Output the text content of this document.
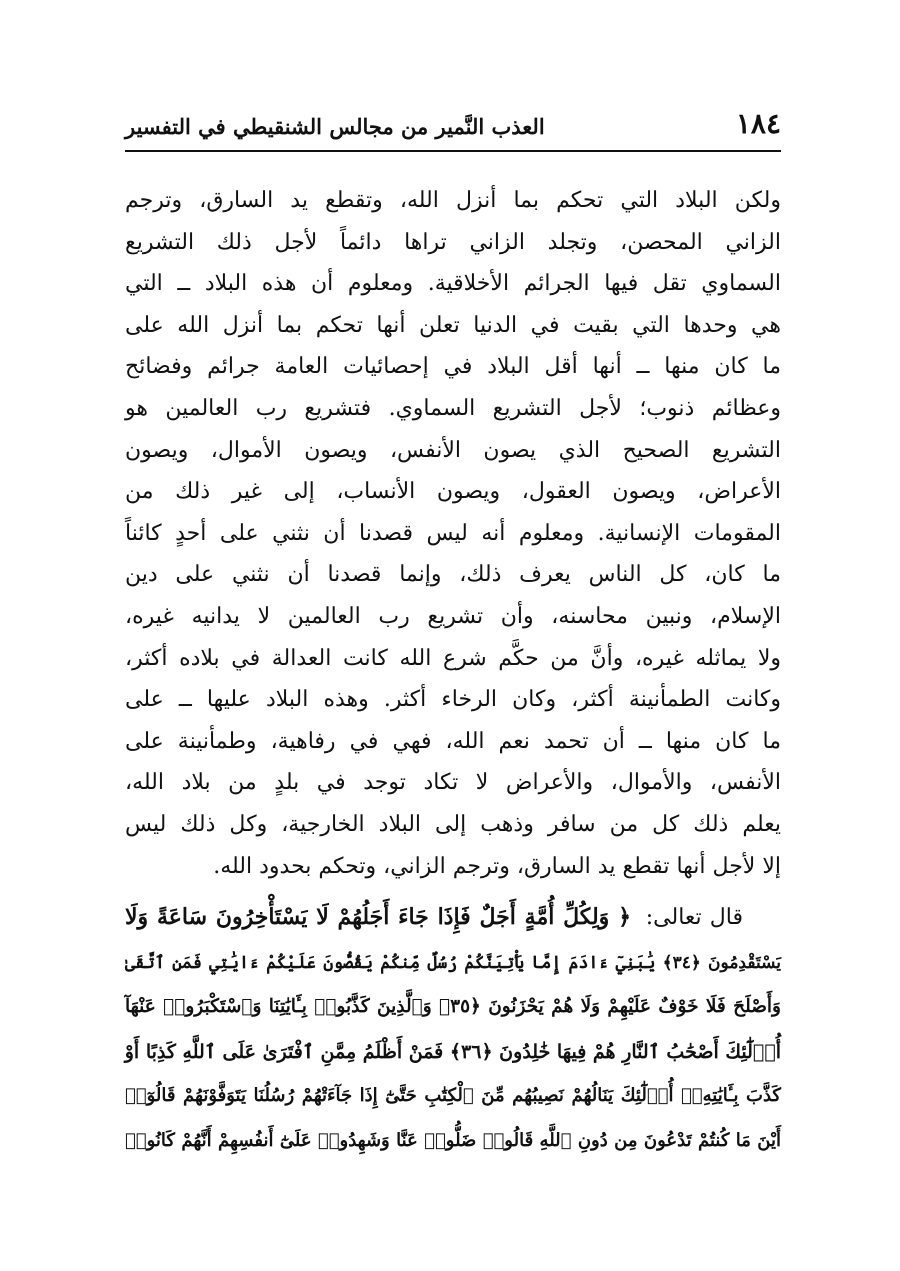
١٨٤
العذب النَّمير من مجالس الشنقيطي في التفسير
ولكن البلاد التي تحكم بما أنزل الله، وتقطع يد السارق، وترجم
الزاني المحصن، وتجلد الزاني تراها دائماً لأجل ذلك التشريع
السماوي تقل فيها الجرائم الأخلاقية. ومعلوم أن هذه البلاد ــ التي
هي وحدها التي بقيت في الدنيا تعلن أنها تحكم بما أنزل الله على
ما كان منها ــ أنها أقل البلاد في إحصائيات العامة جرائم وفضائح
وعظائم ذنوب؛ لأجل التشريع السماوي. فتشريع رب العالمين هو
التشريع الصحيح الذي يصون الأنفس، ويصون الأموال، ويصون
الأعراض، ويصون العقول، ويصون الأنساب، إلى غير ذلك من
المقومات الإنسانية. ومعلوم أنه ليس قصدنا أن نثني على أحدٍ كائناً
ما كان، كل الناس يعرف ذلك، وإنما قصدنا أن نثني على دين
الإسلام، ونبين محاسنه، وأن تشريع رب العالمين لا يدانيه غيره،
ولا يماثله غيره، وأنَّ من حكَّم شرع الله كانت العدالة في بلاده أكثر،
وكانت الطمأنينة أكثر، وكان الرخاء أكثر. وهذه البلاد عليها ــ على
ما كان منها ــ أن تحمد نعم الله، فهي في رفاهية، وطمأنينة على
الأنفس، والأموال، والأعراض لا تكاد توجد في بلدٍ من بلاد الله،
يعلم ذلك كل من سافر وذهب إلى البلاد الخارجية، وكل ذلك ليس
إلا لأجل أنها تقطع يد السارق، وترجم الزاني، وتحكم بحدود الله.
قال تعالى: ﴿ وَلِكُلِّ أُمَّةٍ أَجَلٌ فَإِذَا جَاءَ أَجَلُهُمْ لَا يَسْتَأْخِرُونَ سَاعَةً وَلَا
يَسْتَقْدِمُونَ ﴿٣٤﴾ يَٰبَنِيٓ ءَادَمَ إِمَّا يَأْتِيَنَّكُمْ رُسُلٌ مِّنكُمْ يَقُصُّونَ عَلَيْكُمْ ءَايَٰتِي فَمَنِ ٱتَّقَىٰ
وَأَصْلَحَ فَلَا خَوْفٌ عَلَيْهِمْ وَلَا هُمْ يَحْزَنُونَ ﴿٣٥﴾ وَٱلَّذِينَ كَذَّبُوا۟ بِـَٔايَٰتِنَا وَٱسْتَكْبَرُوا۟ عَنْهَآ
أُو۟لَٰٓئِكَ أَصْحَٰبُ ٱلنَّارِ هُمْ فِيهَا خَٰلِدُونَ ﴿٣٦﴾ فَمَنْ أَظْلَمُ مِمَّنِ ٱفْتَرَىٰ عَلَى ٱللَّهِ كَذِبًا أَوْ
كَذَّبَ بِـَٔايَٰتِهِۦٓ أُو۟لَٰٓئِكَ يَنَالُهُمْ نَصِيبُهُم مِّنَ ٱلْكِتَٰبِ حَتَّىٰٓ إِذَا جَآءَتْهُمْ رُسُلُنَا يَتَوَفَّوْنَهُمْ قَالُوٓا۟
أَيْنَ مَا كُنتُمْ تَدْعُونَ مِن دُونِ ٱللَّهِ قَالُوا۟ ضَلُّوا۟ عَنَّا وَشَهِدُوا۟ عَلَىٰٓ أَنفُسِهِمْ أَنَّهُمْ كَانُوا۟
